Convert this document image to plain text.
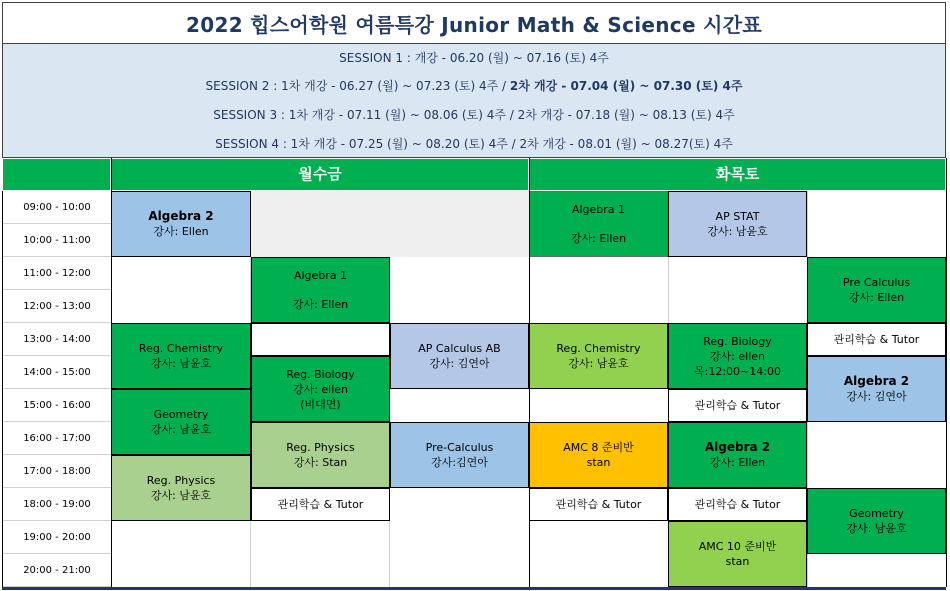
2022 힙스어학원 여름특강 Junior Math & Science 시간표
SESSION 1 : 개강 - 06.20 (월) ~ 07.16 (토) 4주
SESSION 2 : 1차 개강 - 06.27 (월) ~ 07.23 (토) 4주 / 2차 개강 - 07.04 (월) ~ 07.30 (토) 4주
SESSION 3 : 1차 개강 - 07.11 (월) ~ 08.06 (토) 4주 / 2차 개강 - 07.18 (월) ~ 08.13 (토) 4주
SESSION 4 : 1차 개강 - 07.25 (월) ~ 08.20 (토) 4주 / 2차 개강 - 08.01 (월) ~ 08.27(토) 4주
월수금	화목토
09:00 - 10:00
10:00 - 11:00
11:00 - 12:00
12:00 - 13:00
13:00 - 14:00
14:00 - 15:00
15:00 - 16:00
16:00 - 17:00
17:00 - 18:00
18:00 - 19:00
19:00 - 20:00
20:00 - 21:00
Algebra 2
강사: Ellen
Reg. Chemistry
강사: 남윤호
Geometry
강사: 남윤호
Reg. Physics
강사: 남윤호
Algebra 1
강사: Ellen
Reg. Biology
강사: ellen
(비대면)
Reg. Physics
강사: Stan
관리학습 & Tutor
AP Calculus AB
강사: 김연아
Pre-Calculus
강사:김연아
Algebra 1
강사: Ellen
Reg. Chemistry
강사: 남윤호
AMC 8 준비반
stan
관리학습 & Tutor
AP STAT
강사: 남윤호
Reg. Biology
강사: ellen
목:12:00~14:00
관리학습 & Tutor
Algebra 2
강사: Ellen
관리학습 & Tutor
AMC 10 준비반
stan
Pre Calculus
강사: Ellen
관리학습 & Tutor
Algebra 2
강사: 김연아
Geometry
강사: 남윤호
